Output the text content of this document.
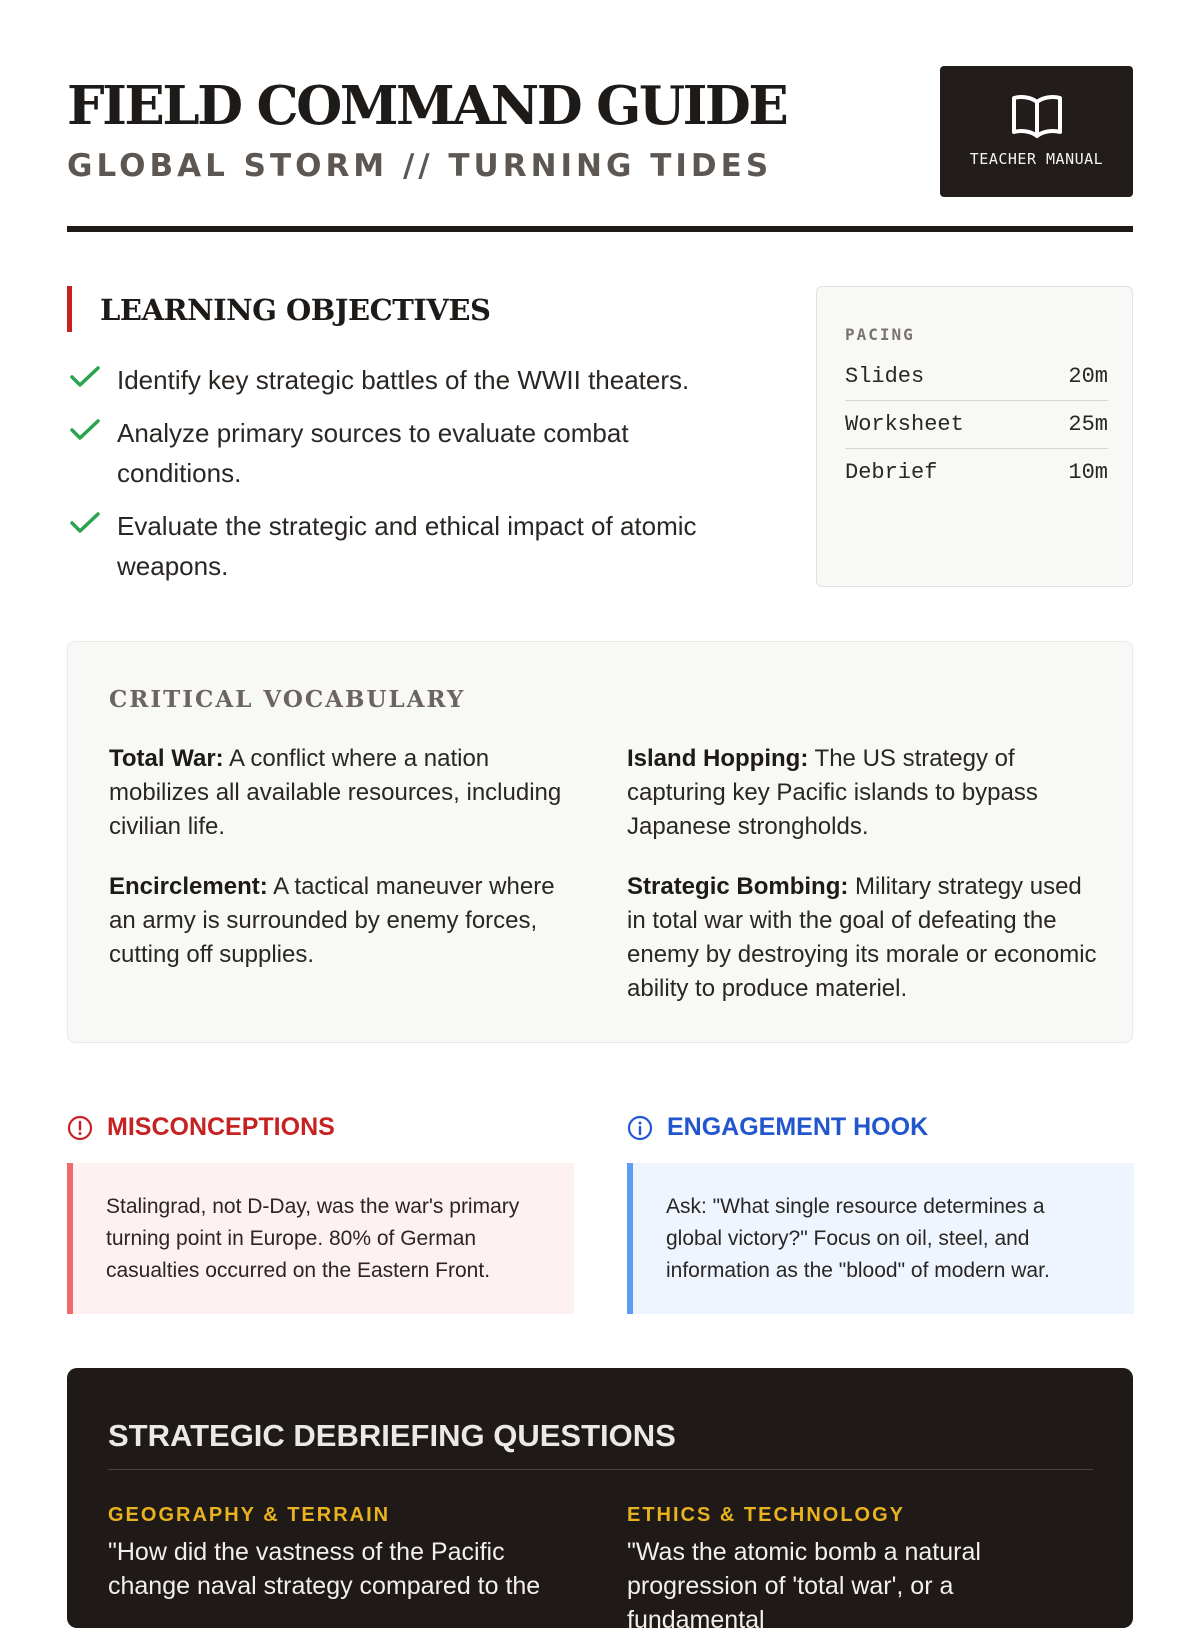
FIELD COMMAND GUIDE
GLOBAL STORM // TURNING TIDES	TEACHER MANUAL
LEARNING OBJECTIVES
Identify key strategic battles of the WWII theaters.
Analyze primary sources to evaluate combat conditions.
Evaluate the strategic and ethical impact of atomic weapons.
PACING
Slides	20m
Worksheet	25m
Debrief	10m
CRITICAL VOCABULARY

Total War: A conflict where a nation mobilizes all available resources, including civilian life.

Island Hopping: The US strategy of capturing key Pacific islands to bypass Japanese strongholds.

Encirclement: A tactical maneuver where an army is surrounded by enemy forces, cutting off supplies.

Strategic Bombing: Military strategy used in total war with the goal of defeating the enemy by destroying its morale or economic ability to produce materiel.

MISCONCEPTIONS
Stalingrad, not D-Day, was the war's primary turning point in Europe. 80% of German casualties occurred on the Eastern Front.
ENGAGEMENT HOOK
Ask: "What single resource determines a global victory?" Focus on oil, steel, and information as the "blood" of modern war.
STRATEGIC DEBRIEFING QUESTIONS
GEOGRAPHY & TERRAIN
"How did the vastness of the Pacific change naval strategy compared to the
ETHICS & TECHNOLOGY
"Was the atomic bomb a natural progression of 'total war', or a fundamental
